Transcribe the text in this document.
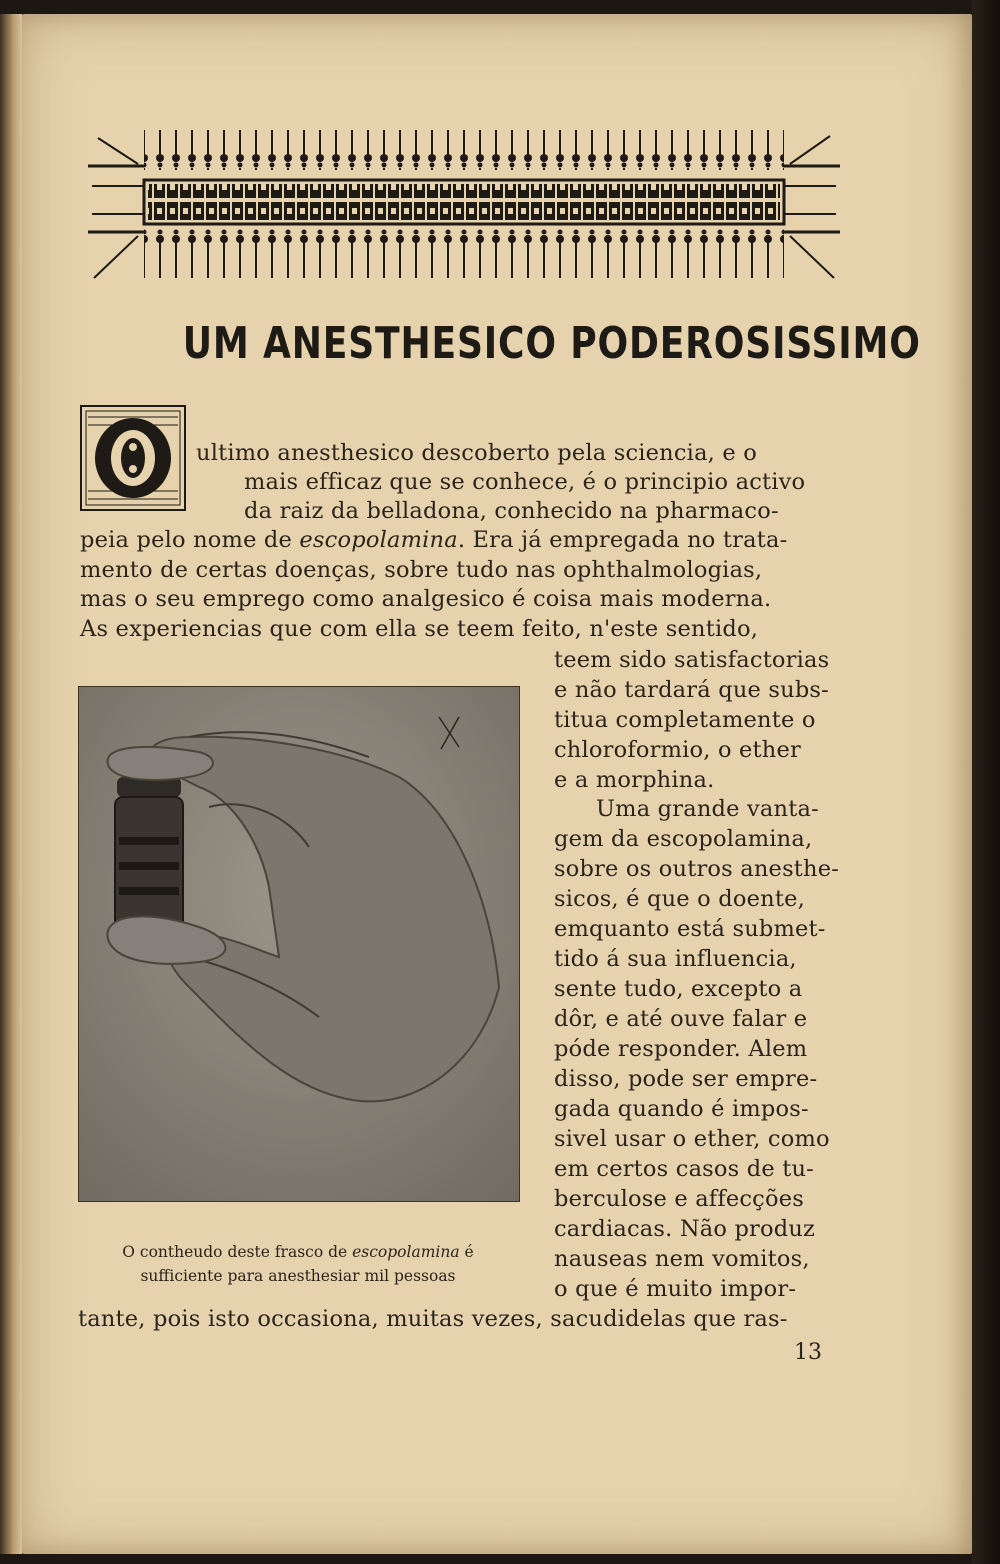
UM ANESTHESICO PODEROSISSIMO
ultimo anesthesico descoberto pela sciencia, e o
mais efficaz que se conhece, é o principio activo
da raiz da belladona, conhecido na pharmaco-
peia pelo nome de escopolamina. Era já empregada no trata-
mento de certas doenças, sobre tudo nas ophthalmologias,
mas o seu emprego como analgesico é coisa mais moderna.
As experiencias que com ella se teem feito, n'este sentido,
teem sido satisfactorias
e não tardará que subs-
titua completamente o
chloroformio, o ether
e a morphina.
O contheudo deste frasco de escopolamina é
sufficiente para anesthesiar mil pessoas
Uma grande vanta-
gem da escopolamina,
sobre os outros anesthe-
sicos, é que o doente,
emquanto está submet-
tido á sua influencia,
sente tudo, excepto a
dôr, e até ouve falar e
póde responder. Alem
disso, pode ser empre-
gada quando é impos-
sivel usar o ether, como
em certos casos de tu-
berculose e affecções
cardiacas. Não produz
nauseas nem vomitos,
o que é muito impor-
tante, pois isto occasiona, muitas vezes, sacudidelas que ras-
13
